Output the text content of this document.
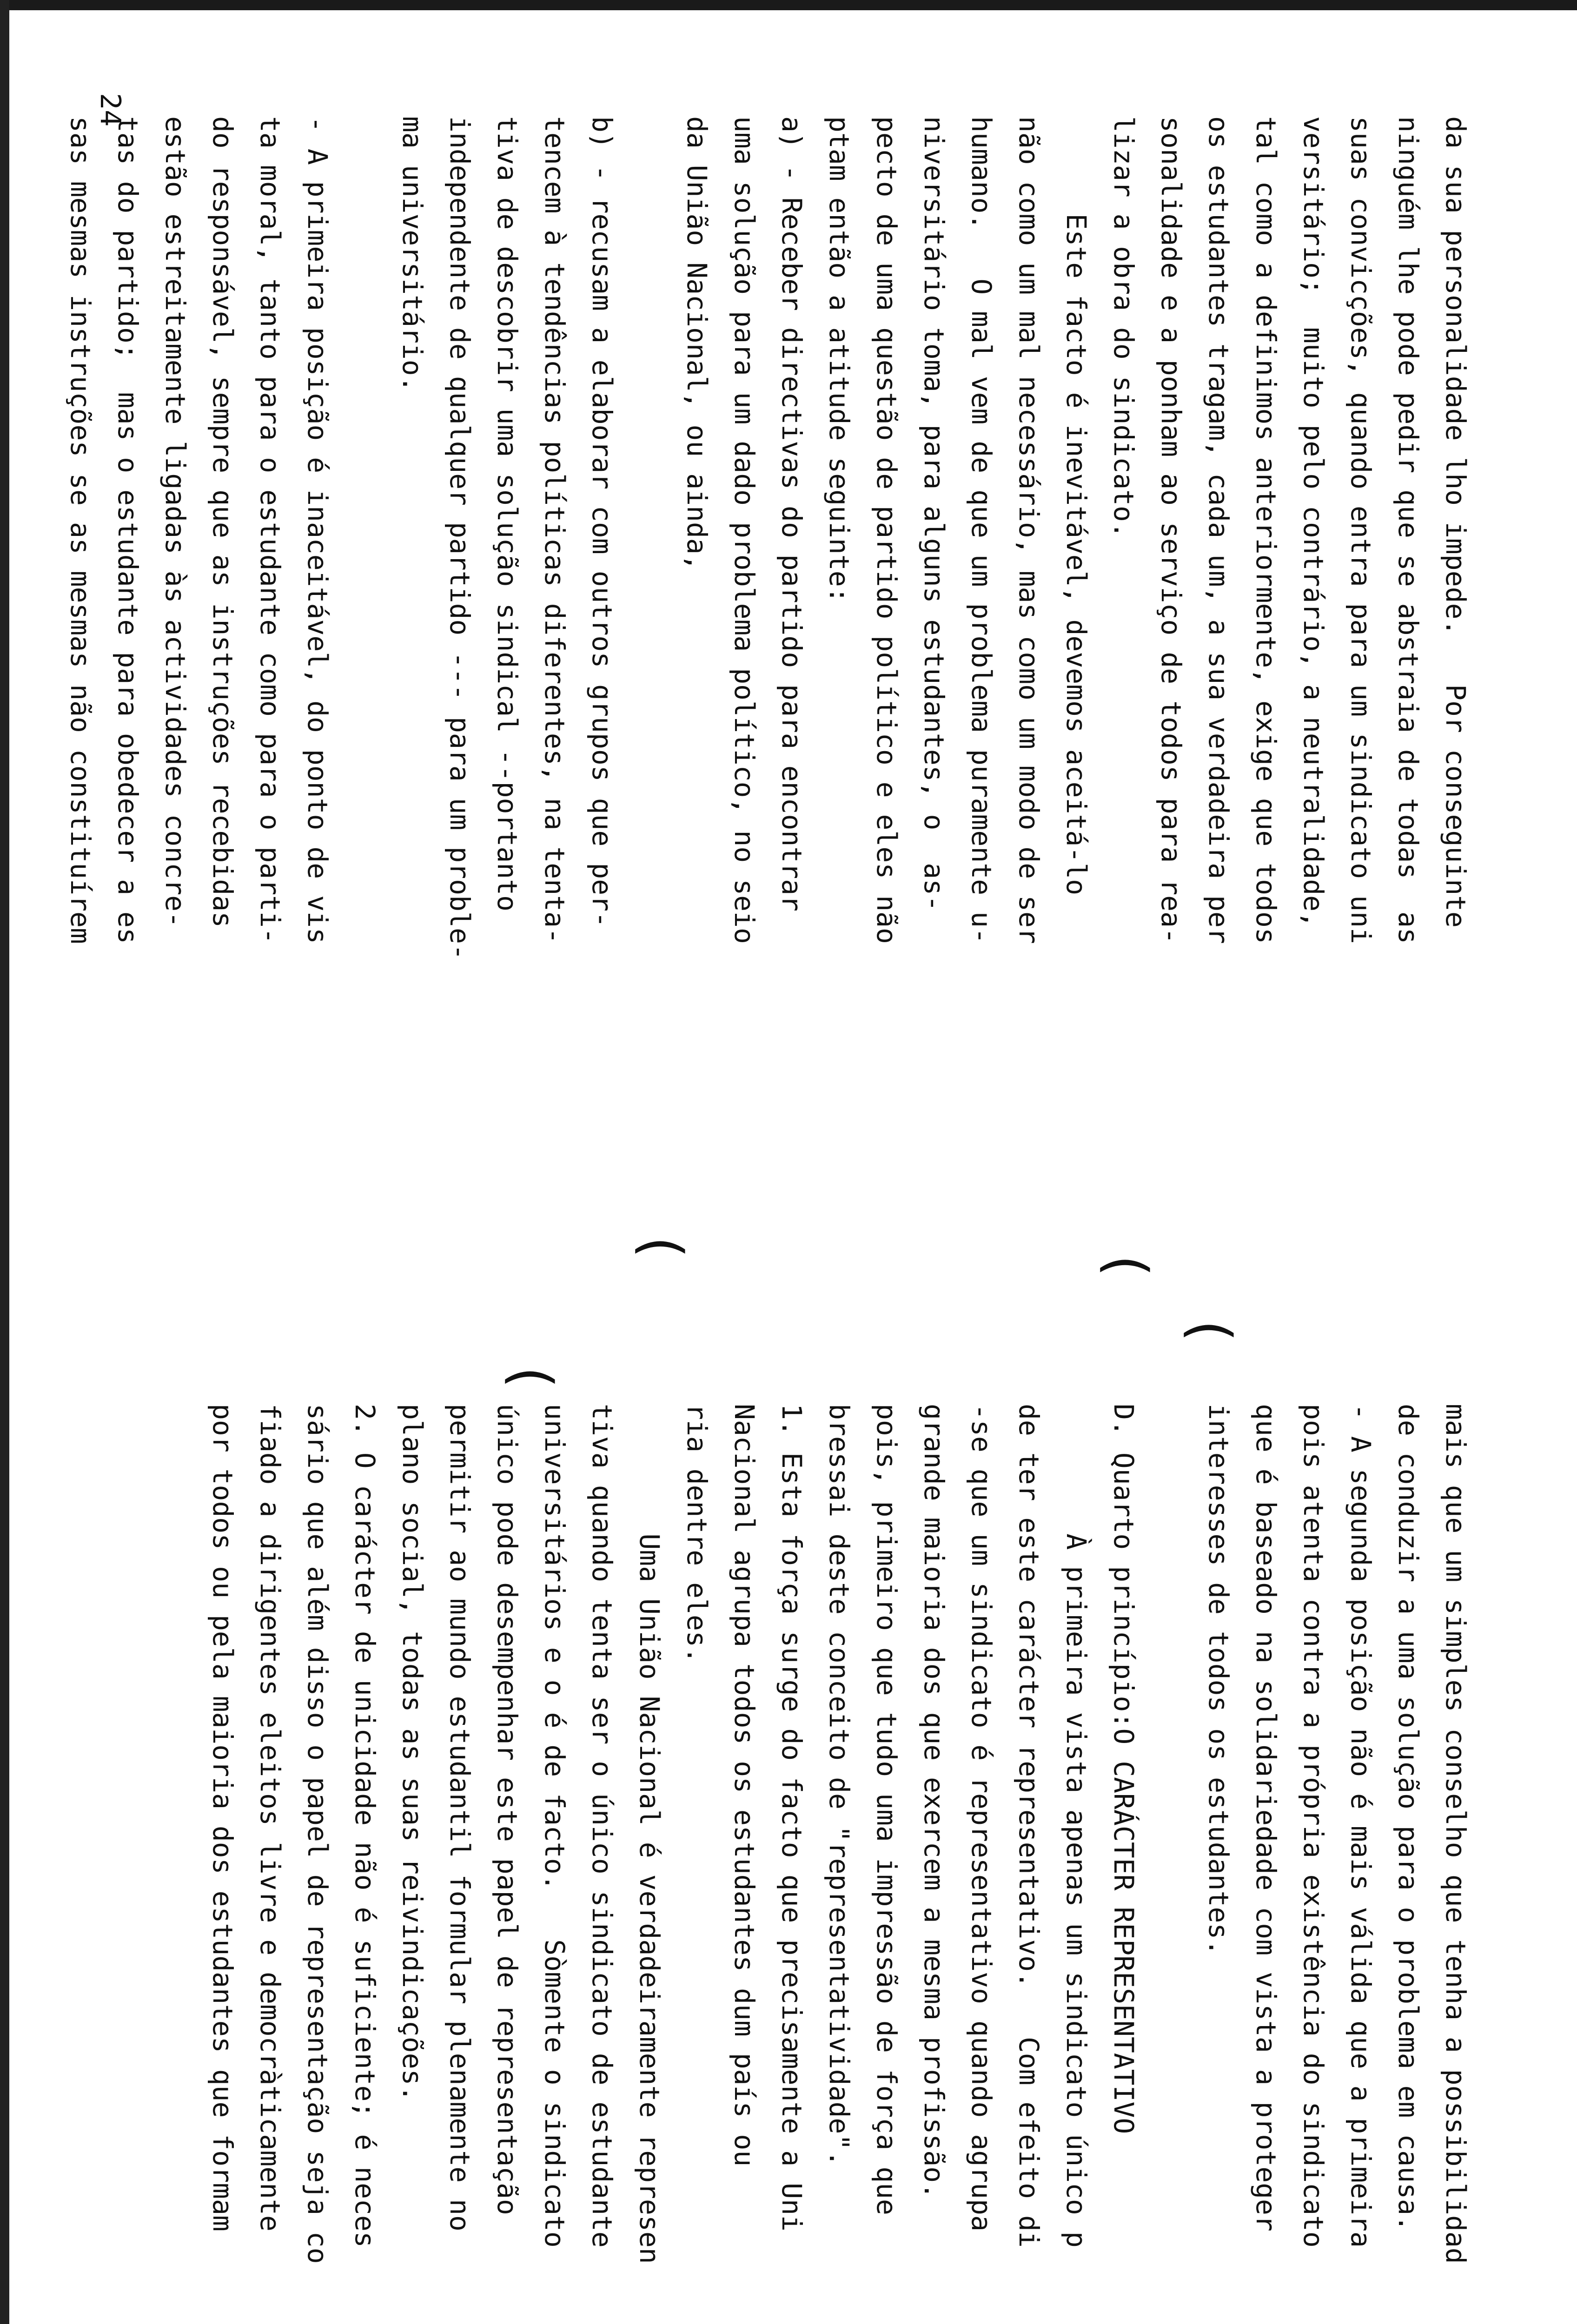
24
da sua personalidade lho impede.   Por conseguinte
ninguém lhe pode pedir que se abstraia de todas  as
suas convicções, quando entra para um sindicato uni
versitário;  muito pelo contrário, a neutralidade,
tal como a definimos anteriormente, exige que todos
os estudantes tragam, cada um, a sua verdadeira per
sonalidade e a ponham ao serviço de todos para rea-
lizar a obra do sindicato.
Este facto é inevitável, devemos aceitá-lo
não como um mal necessário, mas como um modo de ser
humano.   O mal vem de que um problema puramente u-
niversitário toma, para alguns estudantes, o  as-
pecto de uma questão de partido político e eles não
ptam então a atitude seguinte:
a) - Receber directivas do partido para encontrar
uma solução para um dado problema político, no seio
da União Nacional, ou ainda,
b) - recusam a elaborar com outros grupos que per-
tencem à tendências políticas diferentes, na tenta-
tiva de descobrir uma solução sindical --portanto
independente de qualquer partido --- para um proble-
ma universitário.
- A primeira posição é inaceitável, do ponto de vis
ta moral, tanto para o estudante como para o parti-
do responsável, sempre que as instruções recebidas
estão estreitamente ligadas às actividades concre-
tas do partido;  mas o estudante para obedecer a es
sas mesmas instruções se as mesmas não constituírem
mais que um simples conselho que tenha a possibilidad
de conduzir a uma solução para o problema em causa.
- A segunda posição não é mais válida que a primeira
pois atenta contra a própria existência do sindicato
que é baseado na solidariedade com vista a proteger
interesses de todos os estudantes.
D. Quarto princípio:O CARÁCTER REPRESENTATIVO
À primeira vista apenas um sindicato único p
de ter este carácter representativo.   Com efeito di
-se que um sindicato é representativo quando agrupa
grande maioria dos que exercem a mesma profissão.
pois, primeiro que tudo uma impressão de força que
bressai deste conceito de "representatividade".
1. Esta força surge do facto que precisamente a Uni
Nacional agrupa todos os estudantes dum país ou
ria dentre eles.
Uma União Nacional é verdadeiramente represen
tiva quando tenta ser o único sindicato de estudante
universitários e o é de facto.   Sòmente o sindicato
único pode desempenhar este papel de representação
permitir ao mundo estudantil formular plenamente no
plano social, todas as suas reivindicações.
2. O carácter de unicidade não é suficiente; é neces
sário que além disso o papel de representação seja co
fiado a dirigentes eleitos livre e democràticamente
por todos ou pela maioria dos estudantes que formam
(
(
(
(
